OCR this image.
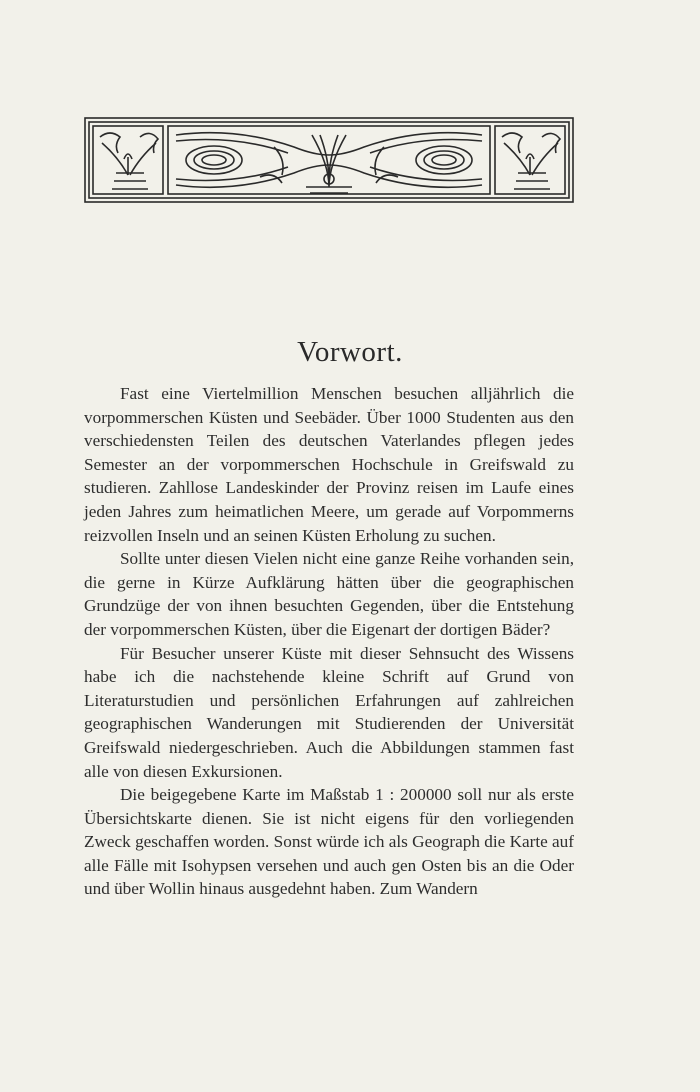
Vorwort.

Fast eine Viertelmillion Menschen besuchen alljährlich die vorpommerschen Küsten und Seebäder. Über 1000 Studenten aus den verschiedensten Teilen des deutschen Vaterlandes pflegen jedes Semester an der vorpommerschen Hochschule in Greifswald zu studieren. Zahllose Landeskinder der Provinz reisen im Laufe eines jeden Jahres zum heimatlichen Meere, um gerade auf Vorpommerns reizvollen Inseln und an seinen Küsten Erholung zu suchen.

Sollte unter diesen Vielen nicht eine ganze Reihe vorhanden sein, die gerne in Kürze Aufklärung hätten über die geographischen Grundzüge der von ihnen besuchten Gegenden, über die Entstehung der vorpommerschen Küsten, über die Eigenart der dortigen Bäder?

Für Besucher unserer Küste mit dieser Sehnsucht des Wissens habe ich die nachstehende kleine Schrift auf Grund von Literaturstudien und persönlichen Erfahrungen auf zahlreichen geographischen Wanderungen mit Studierenden der Universität Greifswald niedergeschrieben. Auch die Abbildungen stammen fast alle von diesen Exkursionen.

Die beigegebene Karte im Maßstab 1 : 200000 soll nur als erste Übersichtskarte dienen. Sie ist nicht eigens für den vorliegenden Zweck geschaffen worden. Sonst würde ich als Geograph die Karte auf alle Fälle mit Isohypsen versehen und auch gen Osten bis an die Oder und über Wollin hinaus ausgedehnt haben. Zum Wandern
